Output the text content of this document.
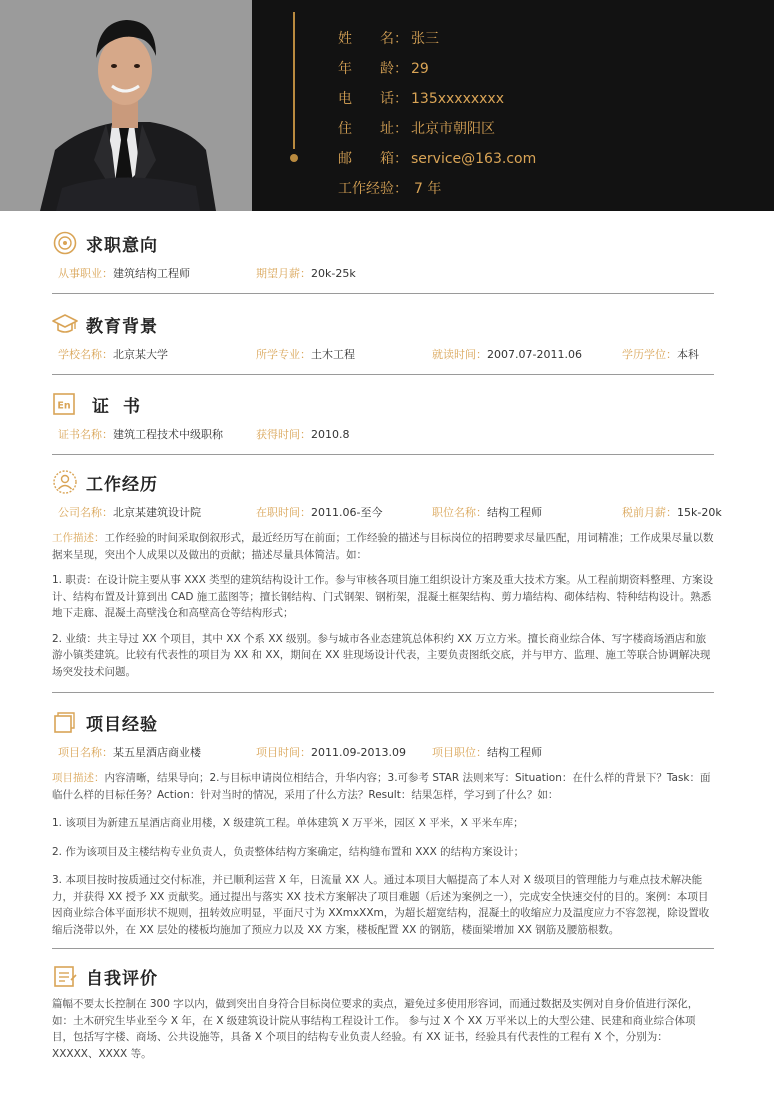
姓　　名： 张三
年　　龄： 29
电　　话： 135xxxxxxxx
住　　址： 北京市朝阳区
邮　　箱： service@163.com
工作经验： 7 年
求职意向
从事职业：建筑结构工程师	期望月薪：20k-25k
教育背景
学校名称：北京某大学	所学专业：土木工程	就读时间：2007.07-2011.06	学历学位：本科
En 证书
证书名称：建筑工程技术中级职称	获得时间：2010.8
工作经历
公司名称：北京某建筑设计院	在职时间：2011.06-至今	职位名称：结构工程师	税前月薪：15k-20k
工作描述：工作经验的时间采取倒叙形式，最近经历写在前面；工作经验的描述与目标岗位的招聘要求尽量匹配，用词精准；工作成果尽量以数据来呈现，突出个人成果以及做出的贡献；描述尽量具体简洁。如：
1. 职责：在设计院主要从事 XXX 类型的建筑结构设计工作。参与审核各项目施工组织设计方案及重大技术方案。从工程前期资料整理、方案设计、结构布置及计算到出 CAD 施工蓝图等；擅长钢结构、门式钢架、钢桁架，混凝土框架结构、剪力墙结构、砌体结构、特种结构设计。熟悉地下走廊、混凝土高壁浅仓和高壁高仓等结构形式；
2. 业绩：共主导过 XX 个项目，其中 XX 个系 XX 级别。参与城市各业态建筑总体积约 XX 万立方米。擅长商业综合体、写字楼商场酒店和旅游小镇类建筑。比较有代表性的项目为 XX 和 XX，期间在 XX 驻现场设计代表，主要负责图纸交底，并与甲方、监理、施工等联合协调解决现场突发技术问题。
项目经验
项目名称：某五星酒店商业楼	项目时间：2011.09-2013.09 项目职位：结构工程师
项目描述：内容清晰，结果导向；2.与目标申请岗位相结合，升华内容；3.可参考 STAR 法则来写：Situation：在什么样的背景下？Task：面临什么样的目标任务？Action：针对当时的情况，采用了什么方法？Result：结果怎样，学习到了什么？如：
1. 该项目为新建五星酒店商业用楼，X 级建筑工程。单体建筑 X 万平米，园区 X 平米，X 平米车库；
2. 作为该项目及主楼结构专业负责人，负责整体结构方案确定，结构缝布置和 XXX 的结构方案设计；
3. 本项目按时按质通过交付标准，并已顺利运营 X 年，日流量 XX 人。通过本项目大幅提高了本人对 X 级项目的管理能力与难点技术解决能力，并获得 XX 授予 XX 贡献奖。通过提出与落实 XX 技术方案解决了项目难题（后述为案例之一），完成安全快速交付的目的。案例：本项目因商业综合体平面形状不规则，扭转效应明显，平面尺寸为 XXmxXXm，为超长超宽结构，混凝土的收缩应力及温度应力不容忽视，除设置收缩后浇带以外，在 XX 层处的楼板均施加了预应力以及 XX 方案，楼板配置 XX 的钢筋，楼面梁增加 XX 钢筋及腰筋根数。
自我评价
篇幅不要太长控制在 300 字以内，做到突出自身符合目标岗位要求的卖点，避免过多使用形容词，而通过数据及实例对自身价值进行深化，如：土木研究生毕业至今 X 年，在 X 级建筑设计院从事结构工程设计工作。 参与过 X 个 XX 万平米以上的大型公建、民建和商业综合体项目，包括写字楼、商场、公共设施等，具备 X 个项目的结构专业负责人经验。有 XX 证书，经验具有代表性的工程有 X 个，分别为：XXXXX、XXXX 等。
